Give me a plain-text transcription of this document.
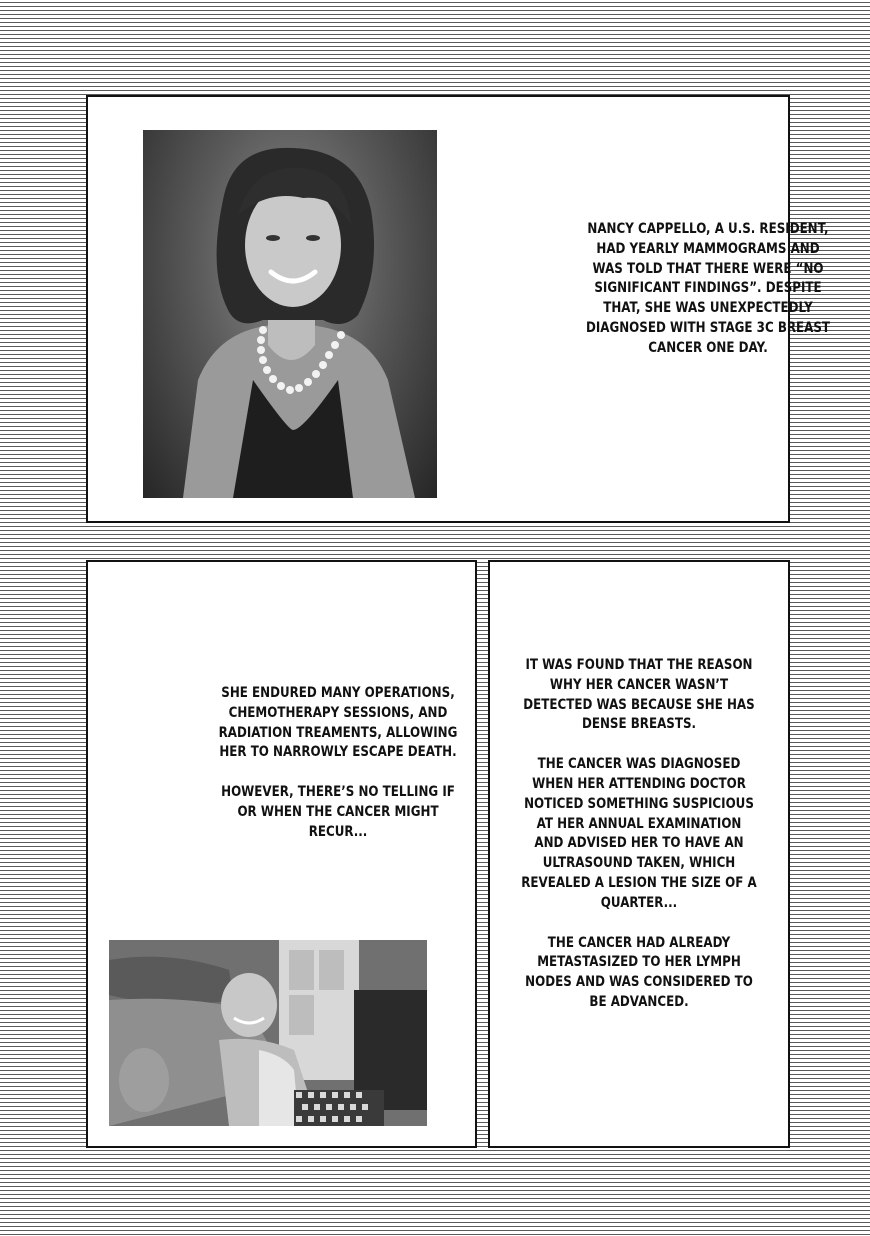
NANCY CAPPELLO, A U.S. RESIDENT, HAD YEARLY MAMMOGRAMS AND WAS TOLD THAT THERE WERE “NO SIGNIFICANT FINDINGS”. DESPITE THAT, SHE WAS UNEXPECTEDLY DIAGNOSED WITH STAGE 3C BREAST CANCER ONE DAY.

SHE ENDURED MANY OPERATIONS, CHEMOTHERAPY SESSIONS, AND RADIATION TREAMENTS, ALLOWING HER TO NARROWLY ESCAPE DEATH.

HOWEVER, THERE’S NO TELLING IF OR WHEN THE CANCER MIGHT RECUR...

IT WAS FOUND THAT THE REASON WHY HER CANCER WASN’T DETECTED WAS BECAUSE SHE HAS DENSE BREASTS.

THE CANCER WAS DIAGNOSED WHEN HER ATTENDING DOCTOR NOTICED SOMETHING SUSPICIOUS AT HER ANNUAL EXAMINATION AND ADVISED HER TO HAVE AN ULTRASOUND TAKEN, WHICH REVEALED A LESION THE SIZE OF A QUARTER...

THE CANCER HAD ALREADY METASTASIZED TO HER LYMPH NODES AND WAS CONSIDERED TO BE ADVANCED.
